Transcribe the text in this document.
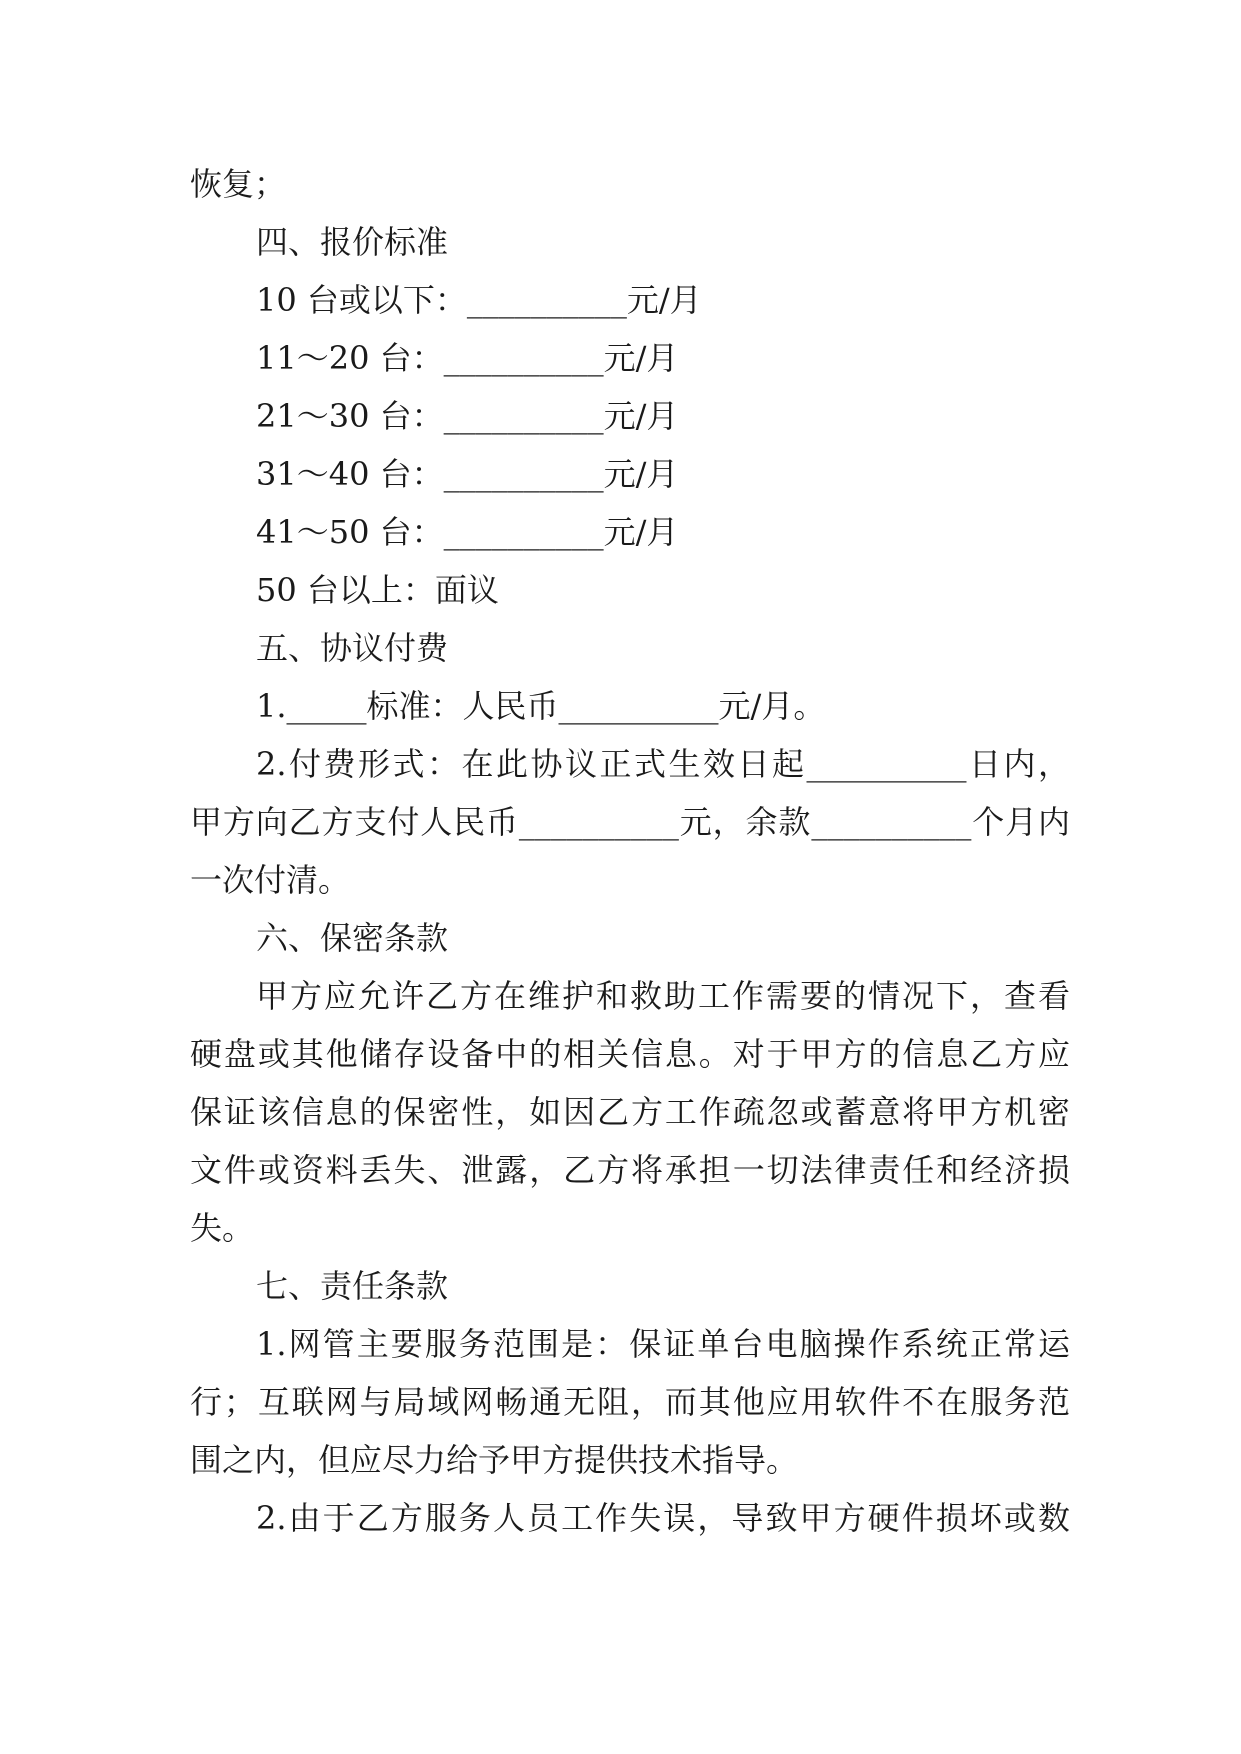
恢复；
四、报价标准
10 台或以下：__________元/月
11～20 台：__________元/月
21～30 台：__________元/月
31～40 台：__________元/月
41～50 台：__________元/月
50 台以上：面议
五、协议付费
1._____标准：人民币__________元/月。
2.付费形式：在此协议正式生效日起__________日内，
甲方向乙方支付人民币__________元，余款__________个月内
一次付清。
六、保密条款
甲方应允许乙方在维护和救助工作需要的情况下，查看
硬盘或其他储存设备中的相关信息。对于甲方的信息乙方应
保证该信息的保密性，如因乙方工作疏忽或蓄意将甲方机密
文件或资料丢失、泄露，乙方将承担一切法律责任和经济损
失。
七、责任条款
1.网管主要服务范围是：保证单台电脑操作系统正常运
行；互联网与局域网畅通无阻，而其他应用软件不在服务范
围之内，但应尽力给予甲方提供技术指导。
2.由于乙方服务人员工作失误，导致甲方硬件损坏或数
